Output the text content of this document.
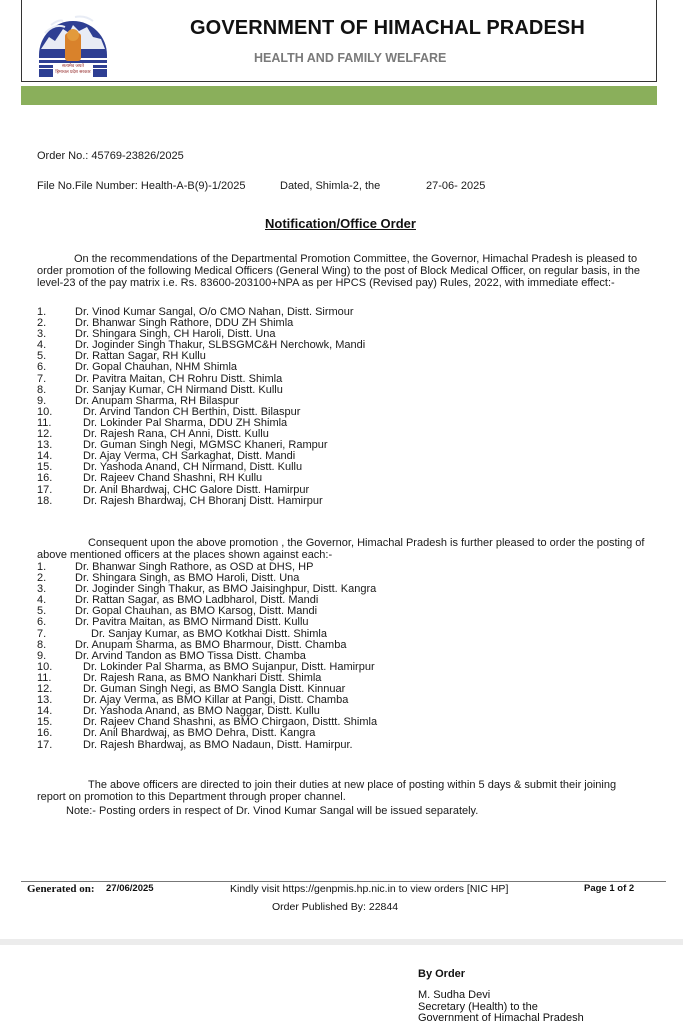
सत्यमेव जयते
हिमाचल प्रदेश सरकार
GOVERNMENT OF HIMACHAL PRADESH
HEALTH AND FAMILY WELFARE
Order No.: 45769-23826/2025
File No.File Number: Health-A-B(9)-1/2025	Dated, Shimla-2, the	27-06- 2025
Notification/Office Order
On the recommendations of the Departmental Promotion Committee, the Governor, Himachal Pradesh is pleased to order promotion of the following Medical Officers (General Wing) to the post of Block Medical Officer, on regular basis, in the level-23 of the pay matrix i.e. Rs. 83600-203100+NPA as per HPCS (Revised pay) Rules, 2022, with immediate effect:-
1.	Dr. Vinod Kumar Sangal, O/o CMO Nahan, Distt. Sirmour
2.	Dr. Bhanwar Singh Rathore, DDU ZH Shimla
3.	Dr. Shingara Singh, CH Haroli, Distt. Una
4.	Dr. Joginder Singh Thakur, SLBSGMC&H Nerchowk, Mandi
5.	Dr. Rattan Sagar, RH Kullu
6.	Dr. Gopal Chauhan, NHM Shimla
7.	Dr. Pavitra Maitan, CH Rohru Distt. Shimla
8.	Dr. Sanjay Kumar, CH Nirmand Distt. Kullu
9.	Dr. Anupam Sharma, RH Bilaspur
10.	Dr. Arvind Tandon CH Berthin, Distt. Bilaspur
11.	Dr. Lokinder Pal Sharma, DDU ZH Shimla
12.	Dr. Rajesh Rana, CH Anni, Distt. Kullu
13.	Dr. Guman Singh Negi, MGMSC Khaneri, Rampur
14.	Dr. Ajay Verma, CH Sarkaghat, Distt. Mandi
15.	Dr. Yashoda Anand, CH Nirmand, Distt. Kullu
16.	Dr. Rajeev Chand Shashni, RH Kullu
17.	Dr. Anil Bhardwaj, CHC Galore Distt. Hamirpur
18.	Dr. Rajesh Bhardwaj, CH Bhoranj Distt. Hamirpur
Consequent upon the above promotion , the Governor, Himachal Pradesh is further pleased to order the posting of above mentioned officers at the places shown against each:-
1.	Dr. Bhanwar Singh Rathore, as OSD at DHS, HP
2.	Dr. Shingara Singh, as BMO Haroli, Distt. Una
3.	Dr. Joginder Singh Thakur, as BMO Jaisinghpur, Distt. Kangra
4.	Dr. Rattan Sagar, as BMO Ladbharol, Distt. Mandi
5.	Dr. Gopal Chauhan, as BMO Karsog, Distt. Mandi
6.	Dr. Pavitra Maitan, as BMO Nirmand Distt. Kullu
7.	Dr. Sanjay Kumar, as BMO Kotkhai Distt. Shimla
8.	Dr. Anupam Sharma, as BMO Bharmour, Distt. Chamba
9.	Dr. Arvind Tandon as BMO Tissa Distt. Chamba
10.	Dr. Lokinder Pal Sharma, as BMO Sujanpur, Distt. Hamirpur
11.	Dr. Rajesh Rana, as BMO Nankhari Distt. Shimla
12.	Dr. Guman Singh Negi, as BMO Sangla Distt. Kinnuar
13.	Dr. Ajay Verma, as BMO Killar at Pangi, Distt. Chamba
14.	Dr. Yashoda Anand, as BMO Naggar, Distt. Kullu
15.	Dr. Rajeev Chand Shashni, as BMO Chirgaon, Disttt. Shimla
16.	Dr. Anil Bhardwaj, as BMO Dehra, Distt. Kangra
17.	Dr. Rajesh Bhardwaj, as BMO Nadaun, Distt. Hamirpur.
The above officers are directed to join their duties at new place of posting within 5 days & submit their joining report on promotion to this Department through proper channel.
Note:- Posting orders in respect of Dr. Vinod Kumar Sangal will be issued separately.
Generated on: 27/06/2025	Kindly visit https://genpmis.hp.nic.in to view orders [NIC HP]	Page 1 of 2
Order Published By: 22844
By Order
M. Sudha Devi
Secretary (Health) to the
Government of Himachal Pradesh
